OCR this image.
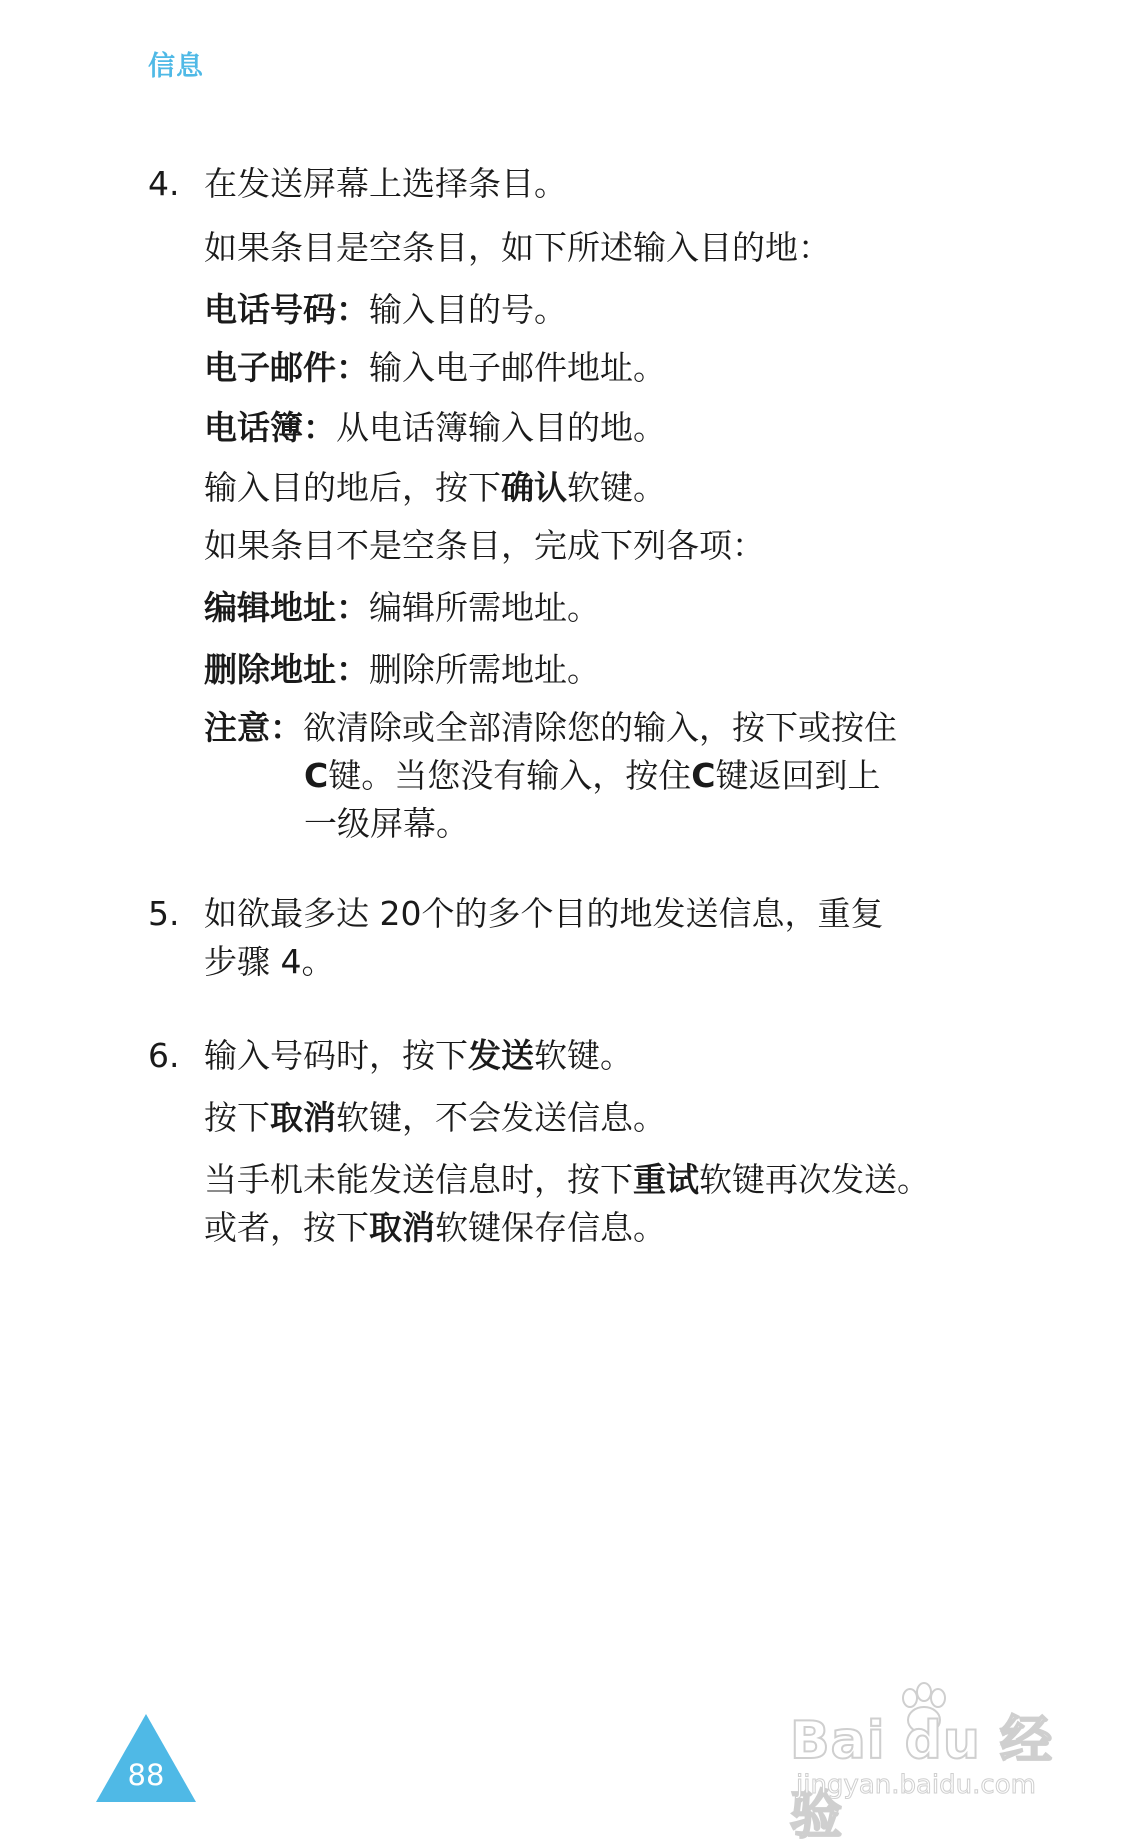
信息
4. 在发送屏幕上选择条目。
如果条目是空条目，如下所述输入目的地：
电话号码：输入目的号。
电子邮件：输入电子邮件地址。
电话簿：从电话簿输入目的地。
输入目的地后，按下确认软键。
如果条目不是空条目，完成下列各项：
编辑地址：编辑所需地址。
删除地址：删除所需地址。
注意：欲清除或全部清除您的输入，按下或按住
C键。当您没有输入，按住C键返回到上
一级屏幕。
5. 如欲最多达 20个的多个目的地发送信息，重复
步骤 4。
6. 输入号码时，按下发送软键。
按下取消软键，不会发送信息。
当手机未能发送信息时，按下重试软键再次发送。
或者，按下取消软键保存信息。
88
Bai du 经验
jingyan.baidu.com
